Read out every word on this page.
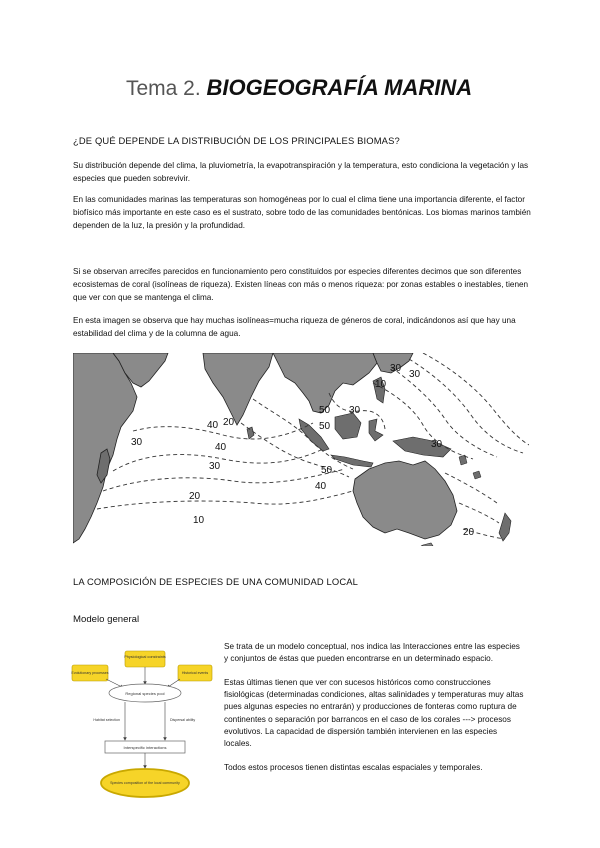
Tema 2. BIOGEOGRAFÍA MARINA
¿DE QUÉ DEPENDE LA DISTRIBUCIÓN DE LOS PRINCIPALES BIOMAS?
Su distribución depende del clima, la pluviometría, la evapotranspiración y la temperatura, esto condiciona la vegetación y las especies que pueden sobrevivir.
En las comunidades marinas las temperaturas son homogéneas por lo cual el clima tiene una importancia diferente, el factor biofísico más importante en este caso es el sustrato, sobre todo de las comunidades bentónicas. Los biomas marinos también dependen de la luz, la presión y la profundidad.
Si se observan arrecifes parecidos en funcionamiento pero constituidos por especies diferentes decimos que son diferentes ecosistemas de coral (isolíneas de riqueza). Existen líneas con más o menos riqueza: por zonas estables o inestables, tienen que ver con que se mantenga el clima.
En esta imagen se observa que hay muchas isolíneas=mucha riqueza de géneros de coral, indicándonos así que hay una estabilidad del clima y de la columna de agua.
30
30
10
50 30
50
20
40
30	40
30
20
10
50
40
30
20
LA COMPOSICIÓN DE ESPECIES DE UNA COMUNIDAD LOCAL
Modelo general
Physiological constraints
Evolutionary processes	Historical events
Regional species pool
Habitat selection	Dispersal ability
Interspecific interactions
Species composition of the local community
Se trata de un modelo conceptual, nos indica las Interacciones entre las especies y conjuntos de éstas que pueden encontrarse en un determinado espacio.
Estas últimas tienen que ver con sucesos históricos como construcciones fisiológicas (determinadas condiciones, altas salinidades y temperaturas muy altas pues algunas especies no entrarán) y producciones de fonteras como ruptura de continentes o separación por barrancos en el caso de los corales ---> procesos evolutivos. La capacidad de dispersión también intervienen en las especies locales.
Todos estos procesos tienen distintas escalas espaciales y temporales.
